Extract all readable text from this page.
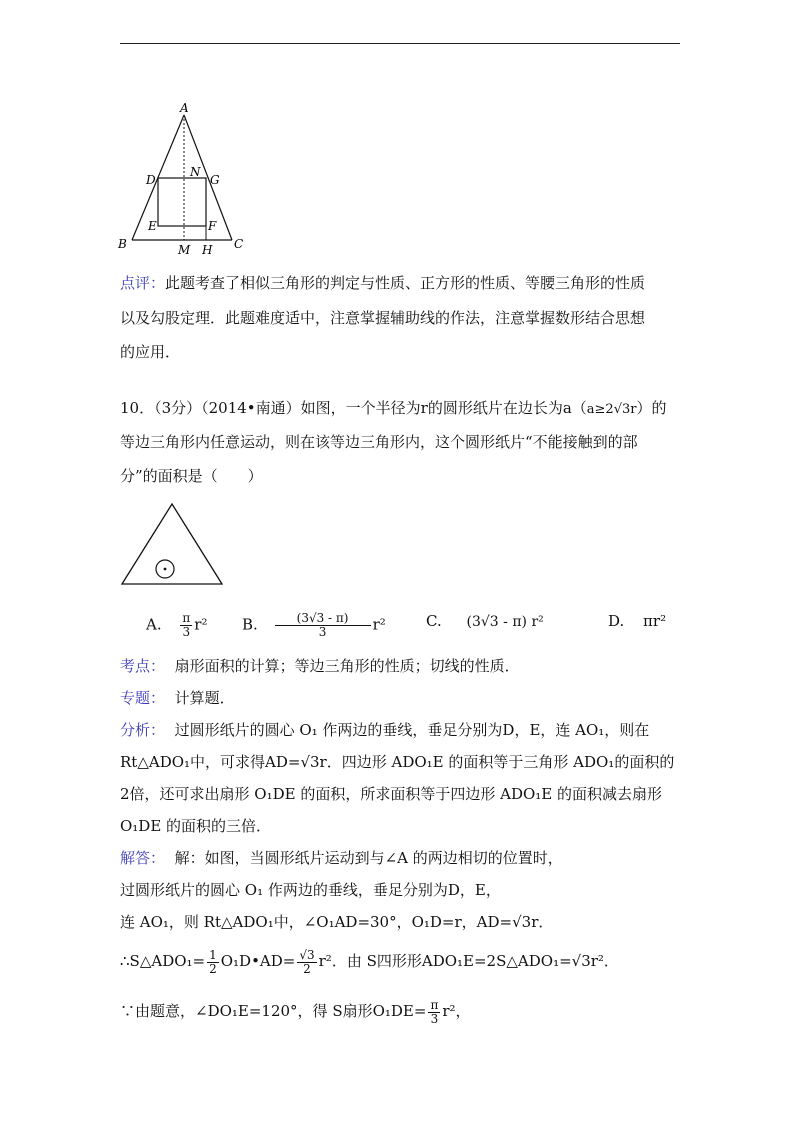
A
B	C
D
N
G
E	F
M H
点评：此题考查了相似三角形的判定与性质、正方形的性质、等腰三角形的性质
以及勾股定理．此题难度适中，注意掌握辅助线的作法，注意掌握数形结合思想
的应用．
10．（3分）（2014•南通）如图，一个半径为r的圆形纸片在边长为a（a≥2√3r）的
等边三角形内任意运动，则在该等边三角形内，这个圆形纸片“不能接触到的部
分”的面积是（　　）
A. $\frac{\pi}{3} r^2$ B. $\frac{(3√3 - \pi)}{3} r^2$	C. (3√3 - π) r²	D. πr²
考点： 扇形面积的计算；等边三角形的性质；切线的性质．
专题： 计算题．
分析： 过圆形纸片的圆心 O₁ 作两边的垂线，垂足分别为D，E，连 AO₁，则在
Rt△ADO₁中，可求得AD=√3r．四边形 ADO₁E 的面积等于三角形 ADO₁的面积的
2倍，还可求出扇形 O₁DE 的面积，所求面积等于四边形 ADO₁E 的面积减去扇形
O₁DE 的面积的三倍．
解答： 解：如图，当圆形纸片运动到与∠A 的两边相切的位置时，
过圆形纸片的圆心 O₁ 作两边的垂线，垂足分别为D，E，
连 AO₁，则 Rt△ADO₁中，∠O₁AD=30°，O₁D=r，AD=√3r．
∴S△ADO₁= $\frac{1}{2}$ O₁D•AD= $\frac{√3}{2} r^2$．由 S四形形ADO₁E=2S△ADO₁=√3r²．
∵由题意，∠DO₁E=120°，得 S扇形$O_1DE= \frac{\pi}{3} r^2$，
